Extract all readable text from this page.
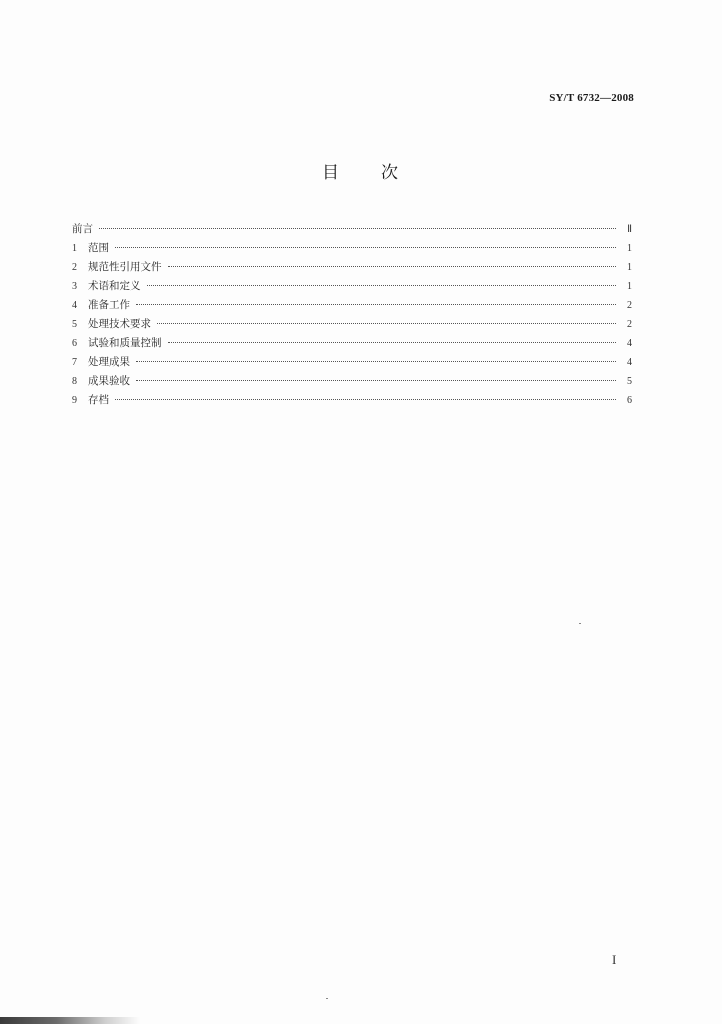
SY/T 6732—2008
目 次
前言	Ⅱ
1	范围	1
2	规范性引用文件	1
3	术语和定义	1
4	准备工作	2
5	处理技术要求	2
6	试验和质量控制	4
7	处理成果	4
8	成果验收	5
9	存档	6
I
